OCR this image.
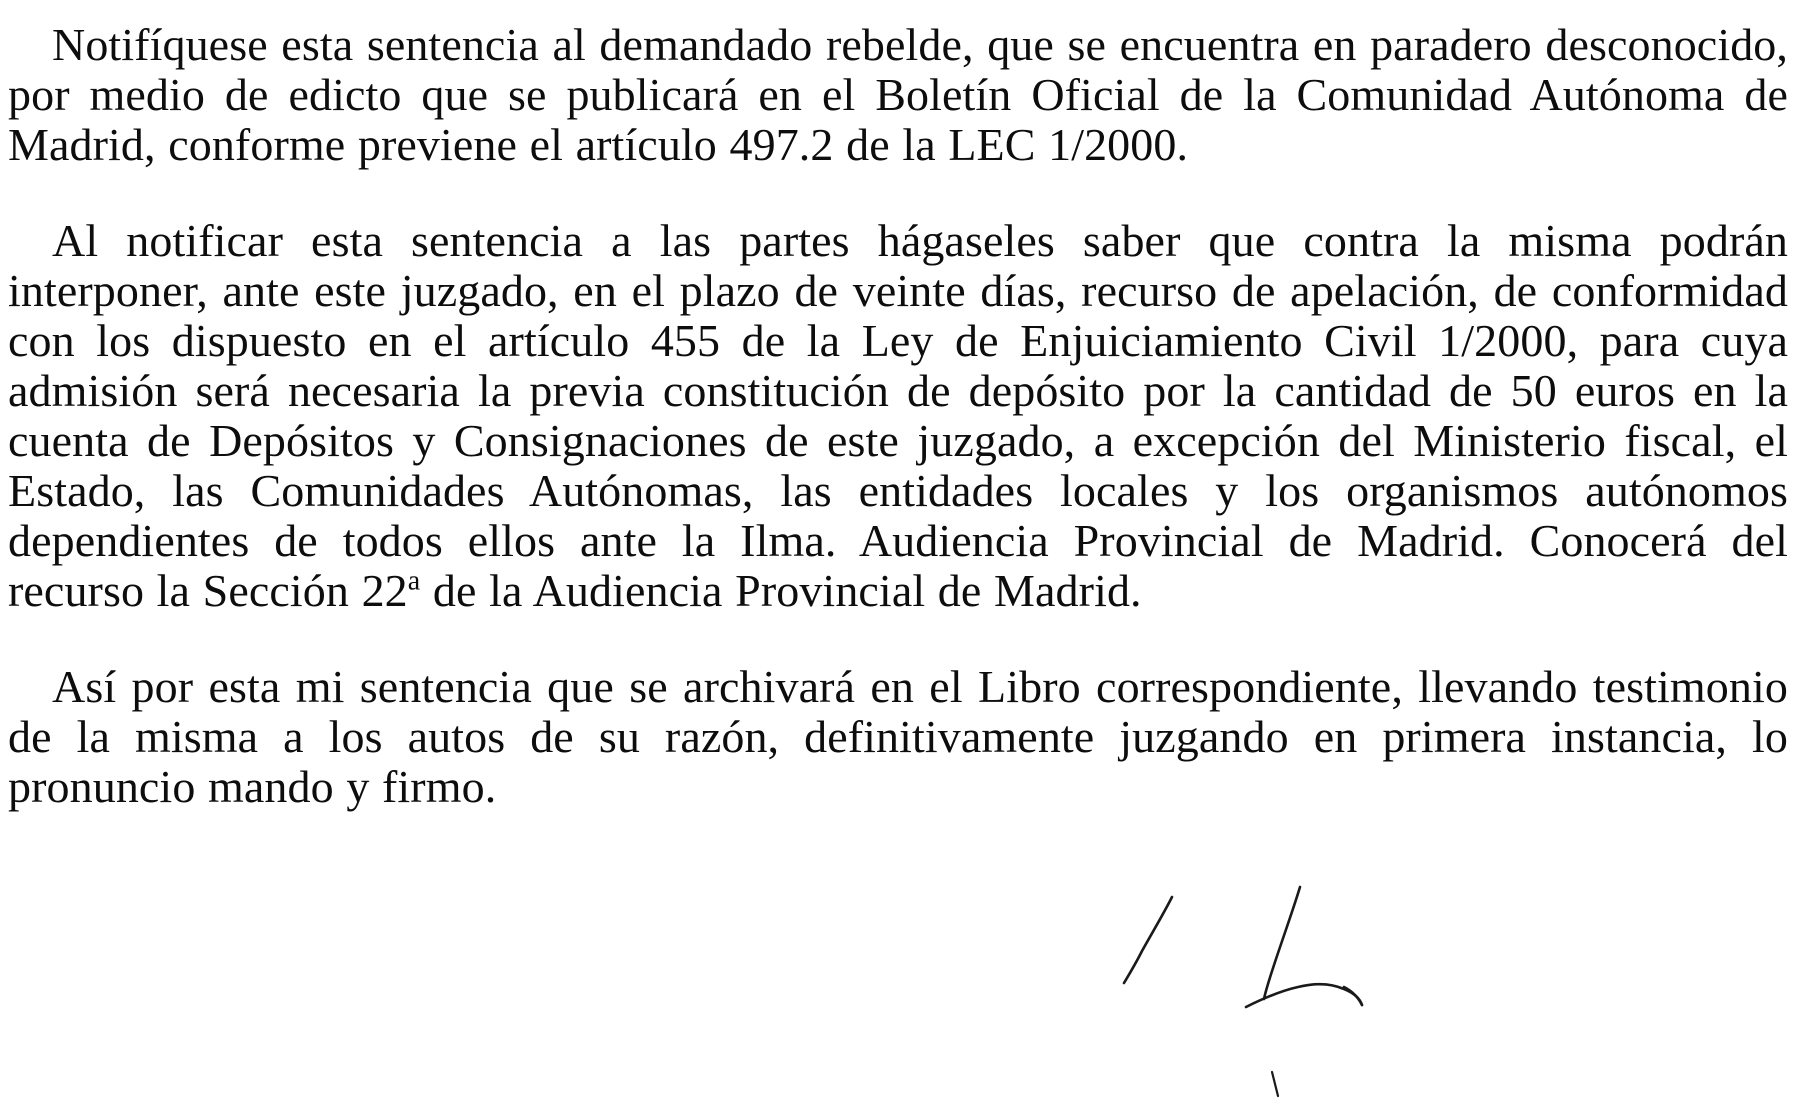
Notifíquese esta sentencia al demandado rebelde, que se encuentra en paradero desconocido, por medio de edicto que se publicará en el Boletín Oficial de la Comunidad Autónoma de Madrid, conforme previene el artículo 497.2 de la LEC 1/2000.

Al notificar esta sentencia a las partes hágaseles saber que contra la misma podrán interponer, ante este juzgado, en el plazo de veinte días, recurso de apelación, de conformidad con los dispuesto en el artículo 455 de la Ley de Enjuiciamiento Civil 1/2000, para cuya admisión será necesaria la previa constitución de depósito por la cantidad de 50 euros en la cuenta de Depósitos y Consignaciones de este juzgado, a excepción del Ministerio fiscal, el Estado, las Comunidades Autónomas, las entidades locales y los organismos autónomos dependientes de todos ellos ante la Ilma. Audiencia Provincial de Madrid. Conocerá del recurso la Sección 22$^a$ de la Audiencia Provincial de Madrid.

Así por esta mi sentencia que se archivará en el Libro correspondiente, llevando testimonio de la misma a los autos de su razón, definitivamente juzgando en primera instancia, lo pronuncio mando y firmo.
